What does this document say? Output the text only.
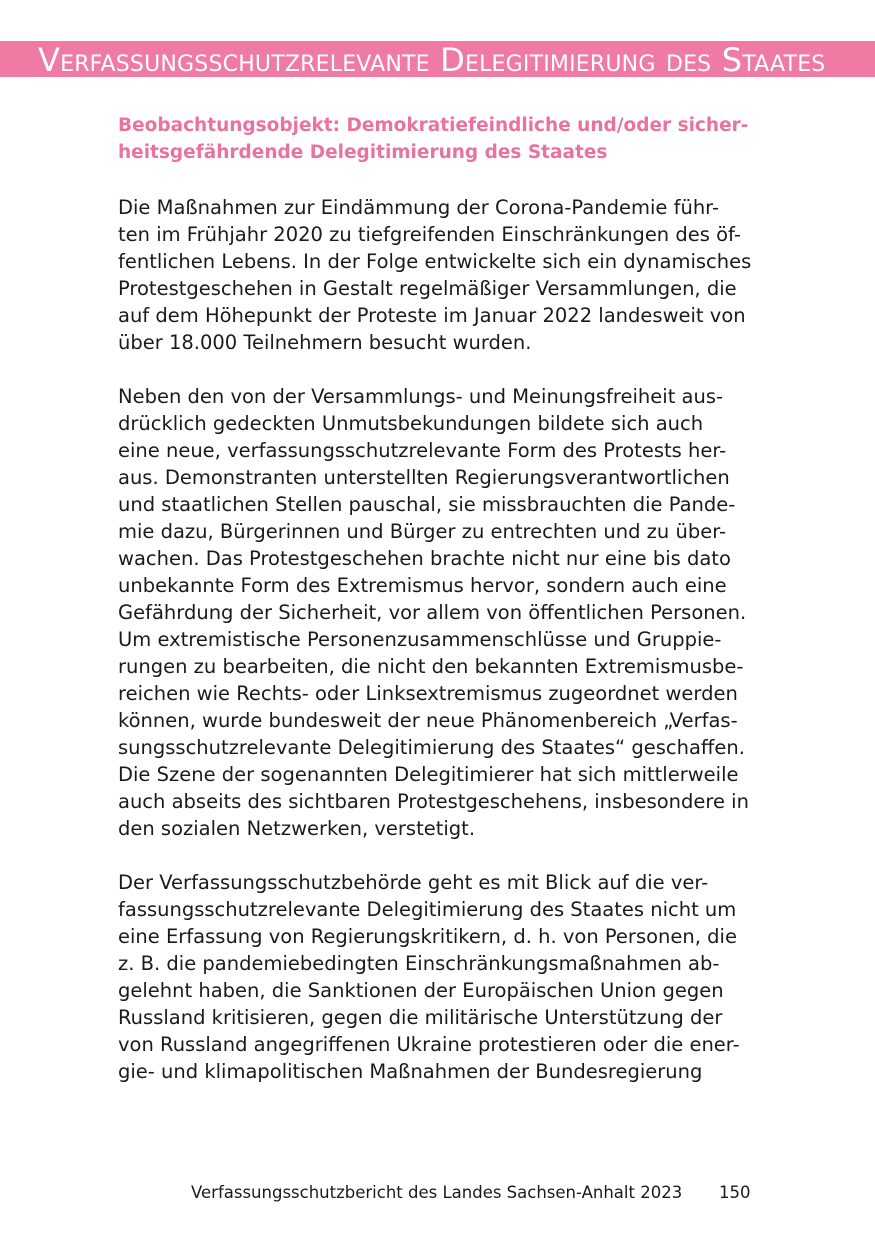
Verfassungsschutzrelevante Delegitimierung des Staates
Beobachtungsobjekt: Demokratiefeindliche und/oder sicher-
heitsgefährdende Delegitimierung des Staates

Die Maßnahmen zur Eindämmung der Corona-Pandemie führ-
ten im Frühjahr 2020 zu tiefgreifenden Einschränkungen des öf-
fentlichen Lebens. In der Folge entwickelte sich ein dynamisches
Protestgeschehen in Gestalt regelmäßiger Versammlungen, die
auf dem Höhepunkt der Proteste im Januar 2022 landesweit von
über 18.000 Teilnehmern besucht wurden.

Neben den von der Versammlungs- und Meinungsfreiheit aus-
drücklich gedeckten Unmutsbekundungen bildete sich auch
eine neue, verfassungsschutzrelevante Form des Protests her-
aus. Demonstranten unterstellten Regierungsverantwortlichen
und staatlichen Stellen pauschal, sie missbrauchten die Pande-
mie dazu, Bürgerinnen und Bürger zu entrechten und zu über-
wachen. Das Protestgeschehen brachte nicht nur eine bis dato
unbekannte Form des Extremismus hervor, sondern auch eine
Gefährdung der Sicherheit, vor allem von öffentlichen Personen.
Um extremistische Personenzusammenschlüsse und Gruppie-
rungen zu bearbeiten, die nicht den bekannten Extremismusbe-
reichen wie Rechts- oder Linksextremismus zugeordnet werden
können, wurde bundesweit der neue Phänomenbereich „Verfas-
sungsschutzrelevante Delegitimierung des Staates“ geschaffen.
Die Szene der sogenannten Delegitimierer hat sich mittlerweile
auch abseits des sichtbaren Protestgeschehens, insbesondere in
den sozialen Netzwerken, verstetigt.

Der Verfassungsschutzbehörde geht es mit Blick auf die ver-
fassungsschutzrelevante Delegitimierung des Staates nicht um
eine Erfassung von Regierungskritikern, d. h. von Personen, die
z. B. die pandemiebedingten Einschränkungsmaßnahmen ab-
gelehnt haben, die Sanktionen der Europäischen Union gegen
Russland kritisieren, gegen die militärische Unterstützung der
von Russland angegriffenen Ukraine protestieren oder die ener-
gie- und klimapolitischen Maßnahmen der Bundesregierung

Verfassungsschutzbericht des Landes Sachsen-Anhalt 2023 150
